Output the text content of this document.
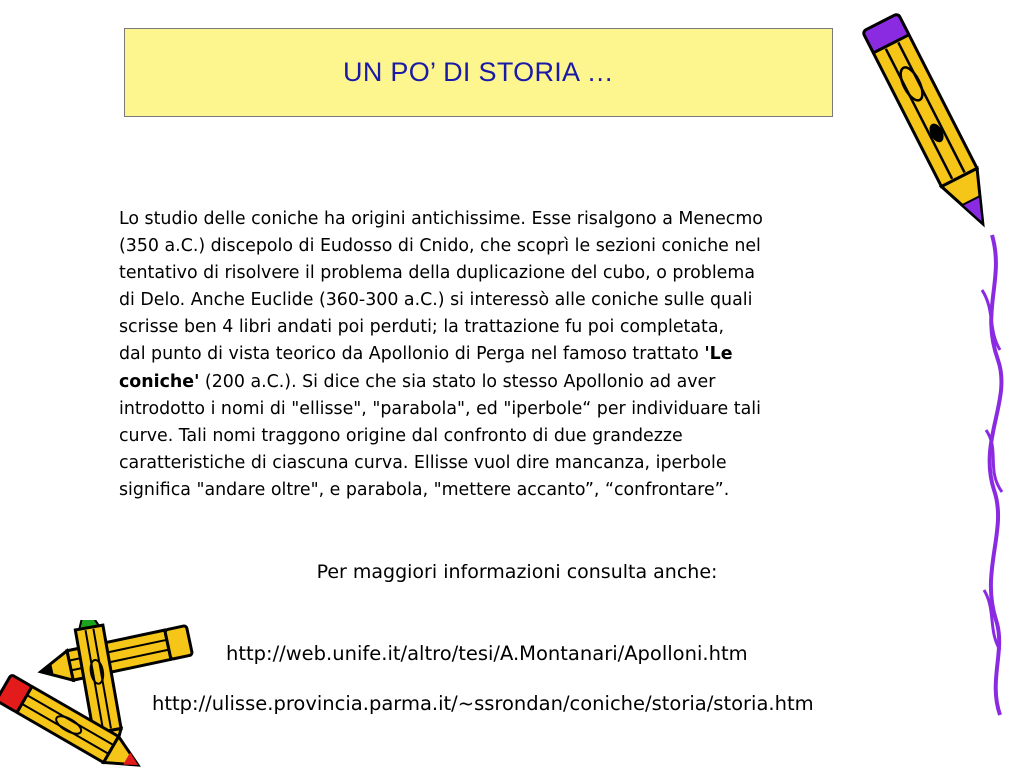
UN PO’ DI STORIA …
Lo studio delle coniche ha origini antichissime. Esse risalgono a Menecmo
(350 a.C.) discepolo di Eudosso di Cnido, che scoprì le sezioni coniche nel
tentativo di risolvere il problema della duplicazione del cubo, o problema
di Delo. Anche Euclide (360-300 a.C.) si interessò alle coniche sulle quali
scrisse ben 4 libri andati poi perduti; la trattazione fu poi completata,
dal punto di vista teorico da Apollonio di Perga nel famoso trattato 'Le
coniche' (200 a.C.). Si dice che sia stato lo stesso Apollonio ad aver
introdotto i nomi di "ellisse", "parabola", ed "iperbole“ per individuare tali
curve. Tali nomi traggono origine dal confronto di due grandezze
caratteristiche di ciascuna curva. Ellisse vuol dire mancanza, iperbole
significa "andare oltre", e parabola, "mettere accanto”, “confrontare”.
Per maggiori informazioni consulta anche:
http://web.unife.it/altro/tesi/A.Montanari/Apolloni.htm
http://ulisse.provincia.parma.it/~ssrondan/coniche/storia/storia.htm
